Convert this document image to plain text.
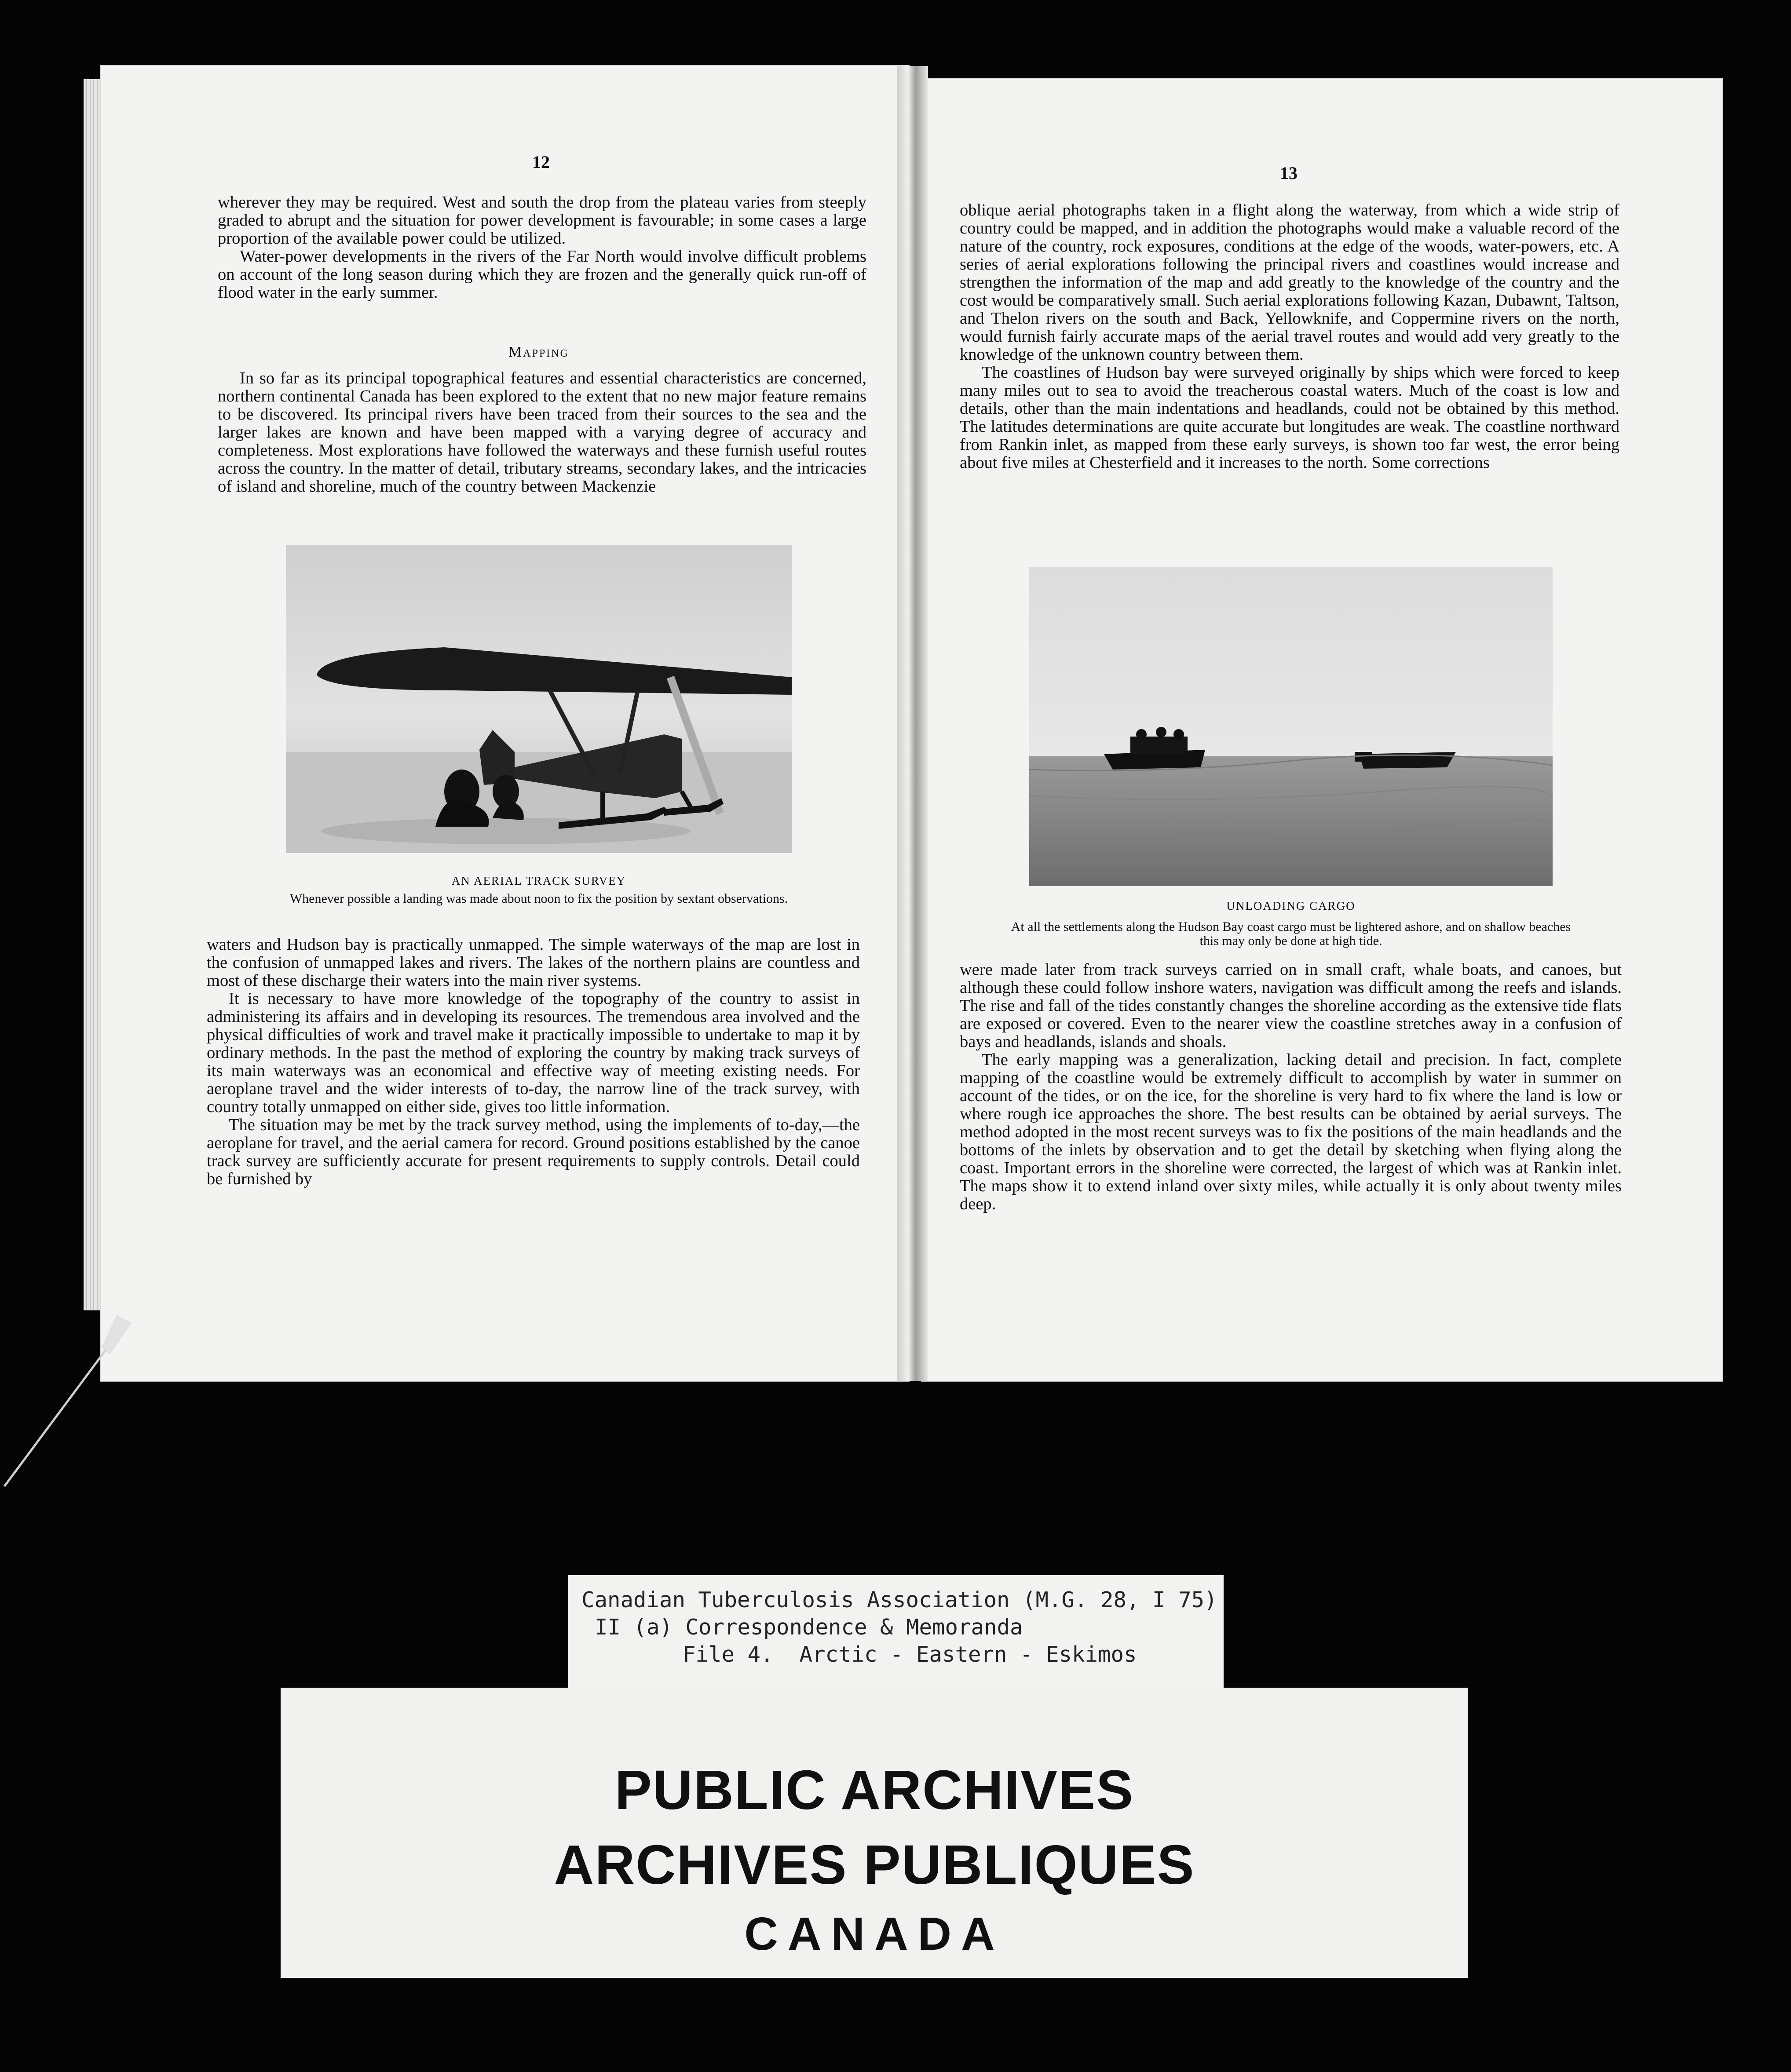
12

wherever they may be required. West and south the drop from the plateau varies from steeply graded to abrupt and the situation for power development is favourable; in some cases a large proportion of the available power could be utilized.

Water-power developments in the rivers of the Far North would involve difficult problems on account of the long season during which they are frozen and the generally quick run-off of flood water in the early summer.

Mapping

In so far as its principal topographical features and essential characteristics are concerned, northern continental Canada has been explored to the extent that no new major feature remains to be discovered. Its principal rivers have been traced from their sources to the sea and the larger lakes are known and have been mapped with a varying degree of accuracy and completeness. Most explorations have followed the waterways and these furnish useful routes across the country. In the matter of detail, tributary streams, secondary lakes, and the intricacies of island and shoreline, much of the country between Mackenzie

AN AERIAL TRACK SURVEY
Whenever possible a landing was made about noon to fix the position by sextant observations.

waters and Hudson bay is practically unmapped. The simple waterways of the map are lost in the confusion of unmapped lakes and rivers. The lakes of the northern plains are countless and most of these discharge their waters into the main river systems.

It is necessary to have more knowledge of the topography of the country to assist in administering its affairs and in developing its resources. The tremendous area involved and the physical difficulties of work and travel make it practically impossible to undertake to map it by ordinary methods. In the past the method of exploring the country by making track surveys of its main waterways was an economical and effective way of meeting existing needs. For aeroplane travel and the wider interests of to-day, the narrow line of the track survey, with country totally unmapped on either side, gives too little information.

The situation may be met by the track survey method, using the implements of to-day,—the aeroplane for travel, and the aerial camera for record. Ground positions established by the canoe track survey are sufficiently accurate for present requirements to supply controls. Detail could be furnished by

13

oblique aerial photographs taken in a flight along the waterway, from which a wide strip of country could be mapped, and in addition the photographs would make a valuable record of the nature of the country, rock exposures, conditions at the edge of the woods, water-powers, etc. A series of aerial explorations following the principal rivers and coastlines would increase and strengthen the information of the map and add greatly to the knowledge of the country and the cost would be comparatively small. Such aerial explorations following Kazan, Dubawnt, Taltson, and Thelon rivers on the south and Back, Yellowknife, and Coppermine rivers on the north, would furnish fairly accurate maps of the aerial travel routes and would add very greatly to the knowledge of the unknown country between them.

The coastlines of Hudson bay were surveyed originally by ships which were forced to keep many miles out to sea to avoid the treacherous coastal waters. Much of the coast is low and details, other than the main indentations and headlands, could not be obtained by this method. The latitudes determinations are quite accurate but longitudes are weak. The coastline northward from Rankin inlet, as mapped from these early surveys, is shown too far west, the error being about five miles at Chesterfield and it increases to the north. Some corrections

UNLOADING CARGO
At all the settlements along the Hudson Bay coast cargo must be lightered ashore, and on shallow beaches this may only be done at high tide.

were made later from track surveys carried on in small craft, whale boats, and canoes, but although these could follow inshore waters, navigation was difficult among the reefs and islands. The rise and fall of the tides constantly changes the shoreline according as the extensive tide flats are exposed or covered. Even to the nearer view the coastline stretches away in a confusion of bays and headlands, islands and shoals.

The early mapping was a generalization, lacking detail and precision. In fact, complete mapping of the coastline would be extremely difficult to accomplish by water in summer on account of the tides, or on the ice, for the shoreline is very hard to fix where the land is low or where rough ice approaches the shore. The best results can be obtained by aerial surveys. The method adopted in the most recent surveys was to fix the positions of the main headlands and the bottoms of the inlets by observation and to get the detail by sketching when flying along the coast. Important errors in the shoreline were corrected, the largest of which was at Rankin inlet. The maps show it to extend inland over sixty miles, while actually it is only about twenty miles deep.

Canadian Tuberculosis Association (M.G. 28, I 75)
II (a) Correspondence & Memoranda
File 4.  Arctic - Eastern - Eskimos
PUBLIC ARCHIVES
ARCHIVES PUBLIQUES
CANADA
